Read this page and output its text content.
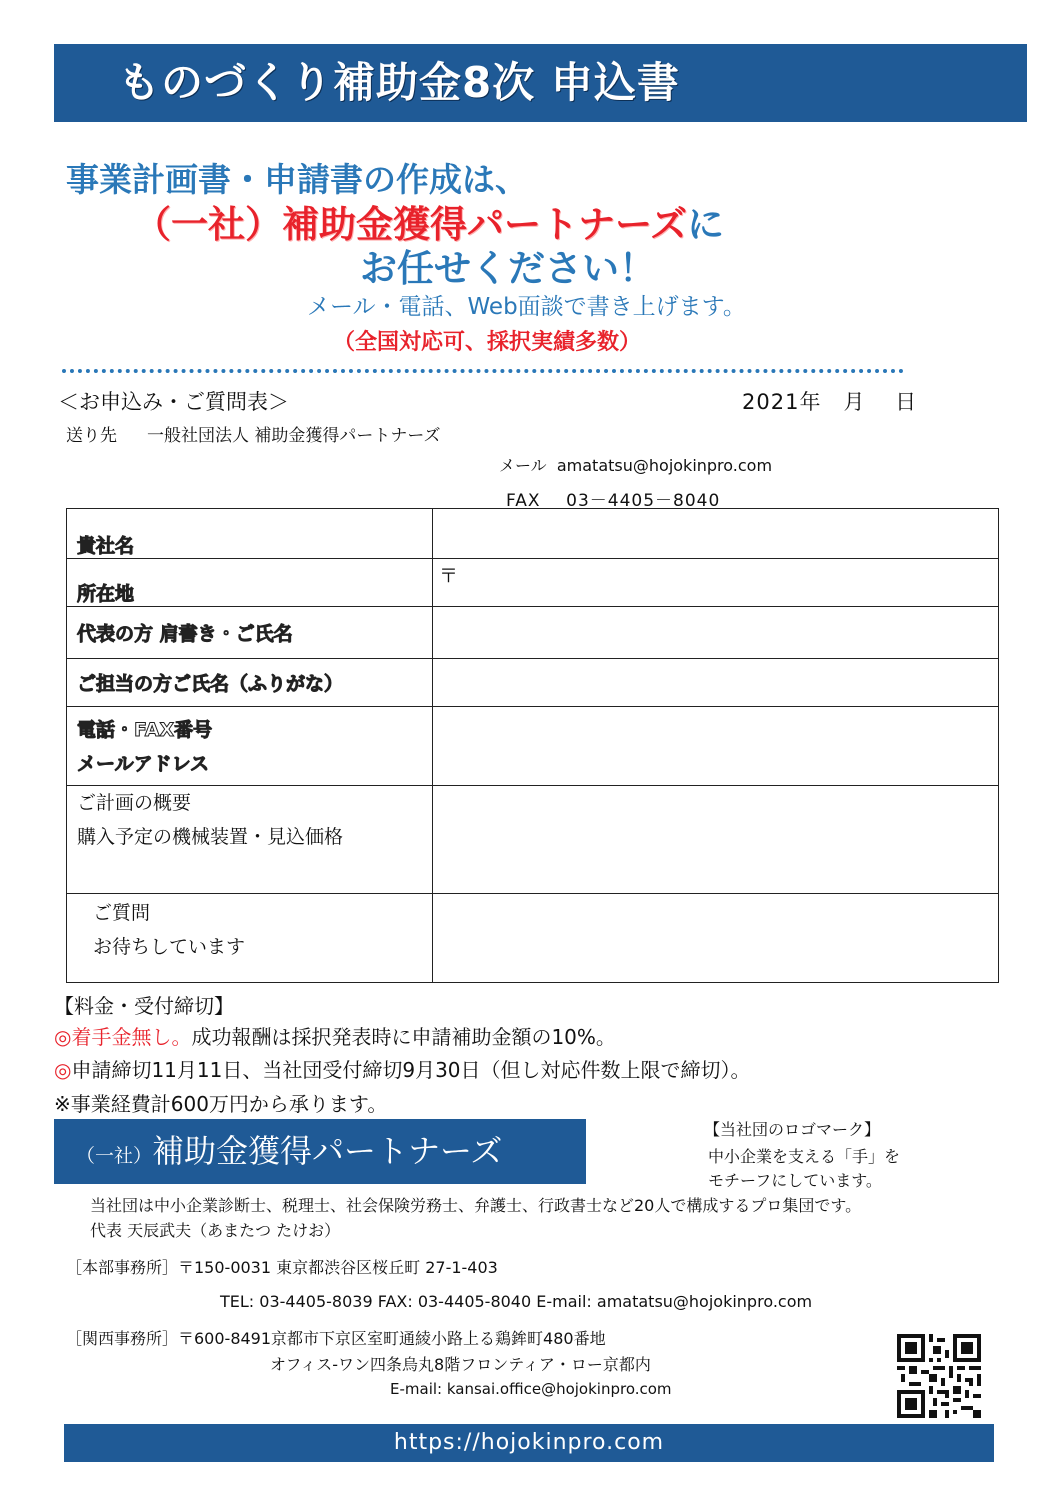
ものづくり補助金8次 申込書
事業計画書・申請書の作成は、
（一社）補助金獲得パートナーズに
お任せください！
メール・電話、Web面談で書き上げます。
（全国対応可、採択実績多数）
＜お申込み・ご質問表＞	2021年　月　 日
送り先 一般社団法人 補助金獲得パートナーズ
メール amatatsu@hojokinpro.com
FAX 03－4405－8040
貴社名	

所在地	〒

代表の方 肩書き・ご氏名	

ご担当の方ご氏名（ふりがな）	

電話・FAX番号
メールアドレス	

ご計画の概要
購入予定の機械装置・見込価格	

ご質問
お待ちしています	

【料金・受付締切】
◎着手金無し。成功報酬は採択発表時に申請補助金額の10%。
◎申請締切11月11日、当社団受付締切9月30日（但し対応件数上限で締切）。
※事業経費計600万円から承ります。
（一社）補助金獲得パートナーズ
【当社団のロゴマーク】
中小企業を支える「手」を
モチーフにしています。
当社団は中小企業診断士、税理士、社会保険労務士、弁護士、行政書士など20人で構成するプロ集団です。
代表 天辰武夫（あまたつ たけお）
［本部事務所］〒150-0031 東京都渋谷区桜丘町 27-1-403
TEL: 03-4405-8039 FAX: 03-4405-8040 E-mail: amatatsu@hojokinpro.com
［関西事務所］〒600-8491京都市下京区室町通綾小路上る鶏鉾町480番地
オフィス-ワン四条烏丸8階フロンティア・ロー京都内
E-mail: kansai.office@hojokinpro.com
https://hojokinpro.com
